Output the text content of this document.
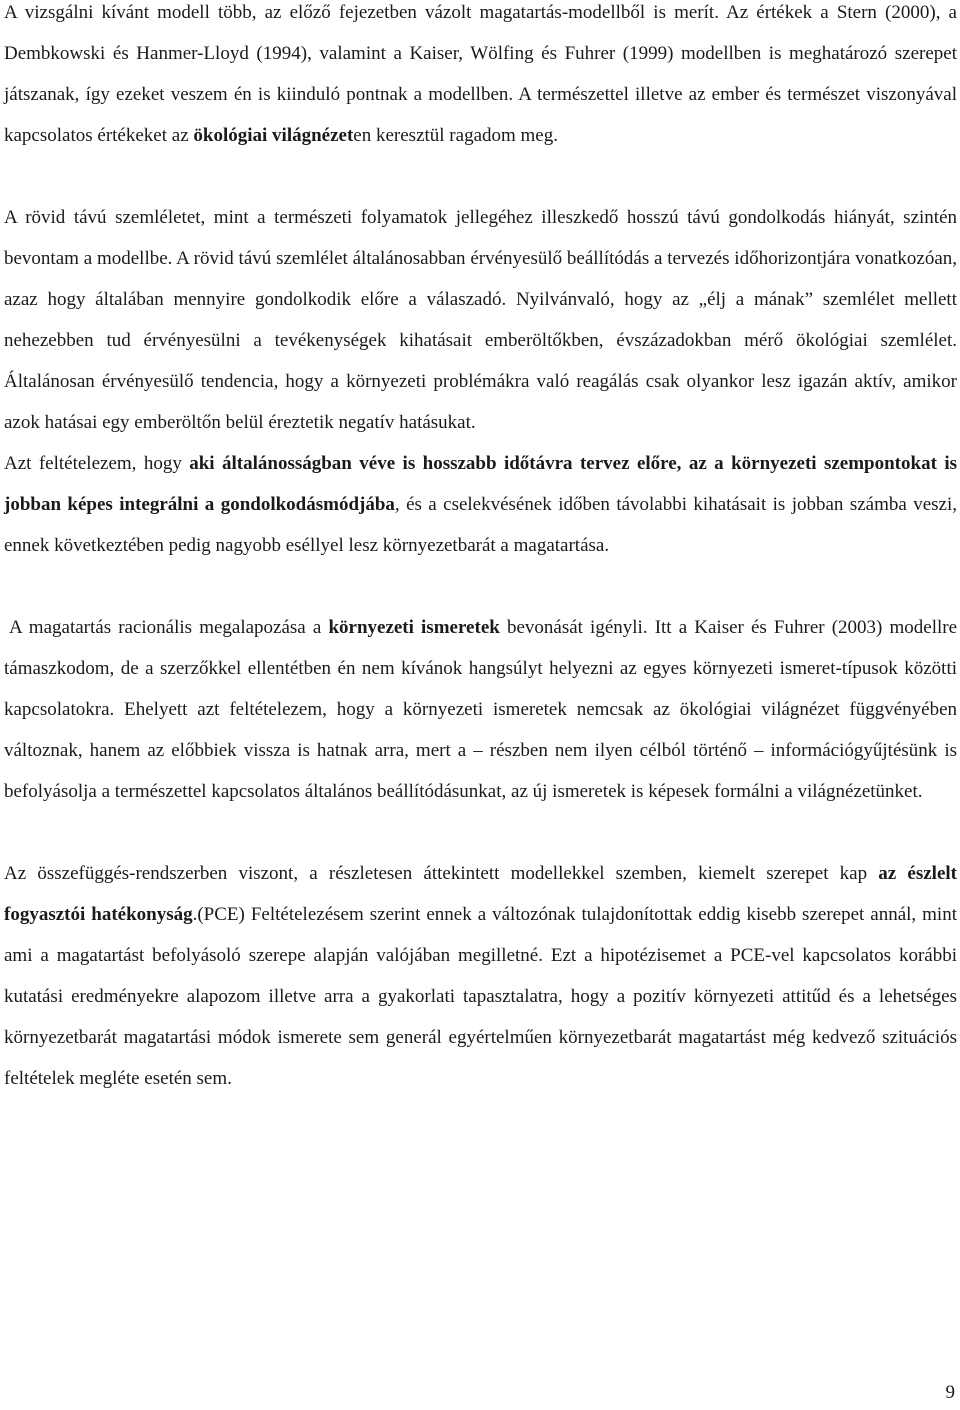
A vizsgálni kívánt modell több, az előző fejezetben vázolt magatartás-modellből is merít. Az értékek a Stern (2000), a Dembkowski és Hanmer-Lloyd (1994), valamint a Kaiser, Wölfing és Fuhrer (1999) modellben is meghatározó szerepet játszanak, így ezeket veszem én is kiinduló pontnak a modellben. A természettel illetve az ember és természet viszonyával kapcsolatos értékeket az ökológiai világnézeten keresztül ragadom meg.

A rövid távú szemléletet, mint a természeti folyamatok jellegéhez illeszkedő hosszú távú gondolkodás hiányát, szintén bevontam a modellbe. A rövid távú szemlélet általánosabban érvényesülő beállítódás a tervezés időhorizontjára vonatkozóan, azaz hogy általában mennyire gondolkodik előre a válaszadó. Nyilvánvaló, hogy az „élj a mának” szemlélet mellett nehezebben tud érvényesülni a tevékenységek kihatásait emberöltőkben, évszázadokban mérő ökológiai szemlélet. Általánosan érvényesülő tendencia, hogy a környezeti problémákra való reagálás csak olyankor lesz igazán aktív, amikor azok hatásai egy emberöltőn belül éreztetik negatív hatásukat.

Azt feltételezem, hogy aki általánosságban véve is hosszabb időtávra tervez előre, az a környezeti szempontokat is jobban képes integrálni a gondolkodásmódjába, és a cselekvésének időben távolabbi kihatásait is jobban számba veszi, ennek következtében pedig nagyobb eséllyel lesz környezetbarát a magatartása.

A magatartás racionális megalapozása a környezeti ismeretek bevonását igényli. Itt a Kaiser és Fuhrer (2003) modellre támaszkodom, de a szerzőkkel ellentétben én nem kívánok hangsúlyt helyezni az egyes környezeti ismeret-típusok közötti kapcsolatokra. Ehelyett azt feltételezem, hogy a környezeti ismeretek nemcsak az ökológiai világnézet függvényében változnak, hanem az előbbiek vissza is hatnak arra, mert a – részben nem ilyen célból történő – információgyűjtésünk is befolyásolja a természettel kapcsolatos általános beállítódásunkat, az új ismeretek is képesek formálni a világnézetünket.

Az összefüggés-rendszerben viszont, a részletesen áttekintett modellekkel szemben, kiemelt szerepet kap az észlelt fogyasztói hatékonyság.(PCE) Feltételezésem szerint ennek a változónak tulajdonítottak eddig kisebb szerepet annál, mint ami a magatartást befolyásoló szerepe alapján valójában megilletné. Ezt a hipotézisemet a PCE-vel kapcsolatos korábbi kutatási eredményekre alapozom illetve arra a gyakorlati tapasztalatra, hogy a pozitív környezeti attitűd és a lehetséges környezetbarát magatartási módok ismerete sem generál egyértelműen környezetbarát magatartást még kedvező szituációs feltételek megléte esetén sem.

9
